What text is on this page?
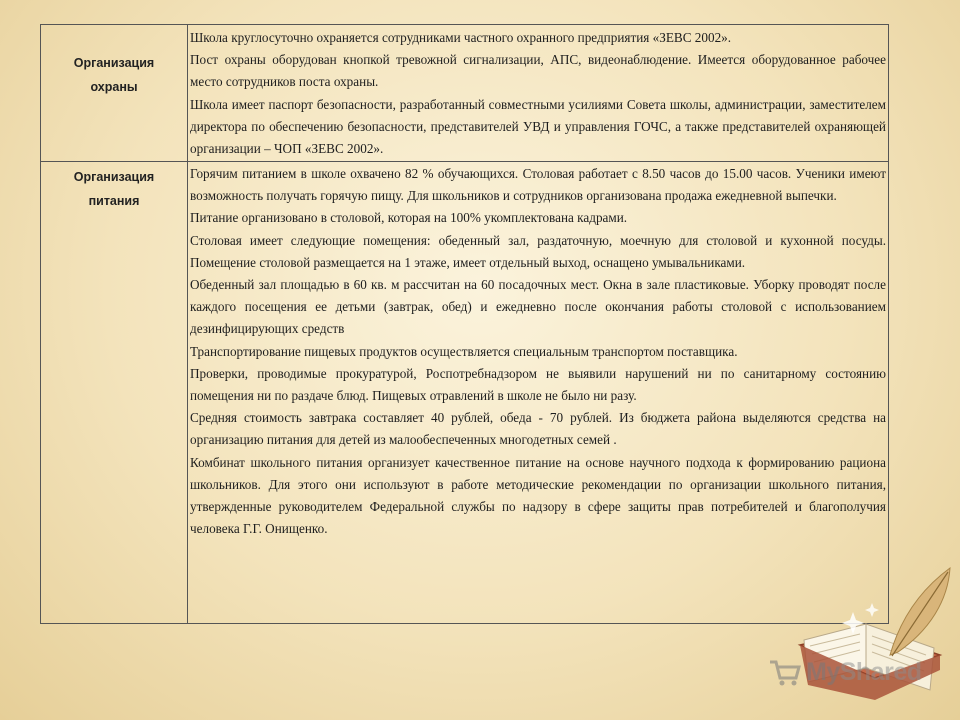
Организация
охраны

Школа круглосуточно охраняется сотрудниками частного охранного предприятия «ЗЕВС 2002».

Пост охраны оборудован кнопкой тревожной сигнализации, АПС, видеонаблюдение. Имеется оборудованное рабочее место сотрудников поста охраны.

Школа имеет паспорт безопасности, разработанный совместными усилиями Совета школы, администрации, заместителем директора по обеспечению безопасности, представителей УВД и управления ГОЧС, а также представителей охраняющей организации – ЧОП «ЗЕВС 2002».

Организация
питания

Горячим питанием в школе охвачено 82 % обучающихся. Столовая работает с 8.50 часов до 15.00 часов. Ученики имеют возможность получать горячую пищу. Для школьников и сотрудников организована продажа ежедневной выпечки.

Питание организовано в столовой, которая на 100% укомплектована кадрами.

Столовая имеет следующие помещения: обеденный зал, раздаточную, моечную для столовой и кухонной посуды. Помещение столовой размещается на 1 этаже, имеет отдельный выход, оснащено умывальниками.

Обеденный зал площадью в 60 кв. м рассчитан на 60 посадочных мест. Окна в зале пластиковые. Уборку проводят после каждого посещения ее детьми (завтрак, обед) и ежедневно после окончания работы столовой с использованием дезинфицирующих средств

Транспортирование пищевых продуктов осуществляется специальным транспортом поставщика.

Проверки, проводимые прокуратурой, Роспотребнадзором не выявили нарушений ни по санитарному состоянию помещения ни по раздаче блюд. Пищевых отравлений в школе не было ни разу.

Средняя стоимость завтрака составляет 40 рублей, обеда - 70 рублей. Из бюджета района выделяются средства на организацию питания для детей из малообеспеченных многодетных семей .

Комбинат школьного питания организует качественное питание на основе научного подхода к формированию рациона школьников. Для этого они используют в работе методические рекомендации по организации школьного питания, утвержденные руководителем Федеральной службы по надзору в сфере защиты прав потребителей и благополучия человека Г.Г. Онищенко.

MyShared
